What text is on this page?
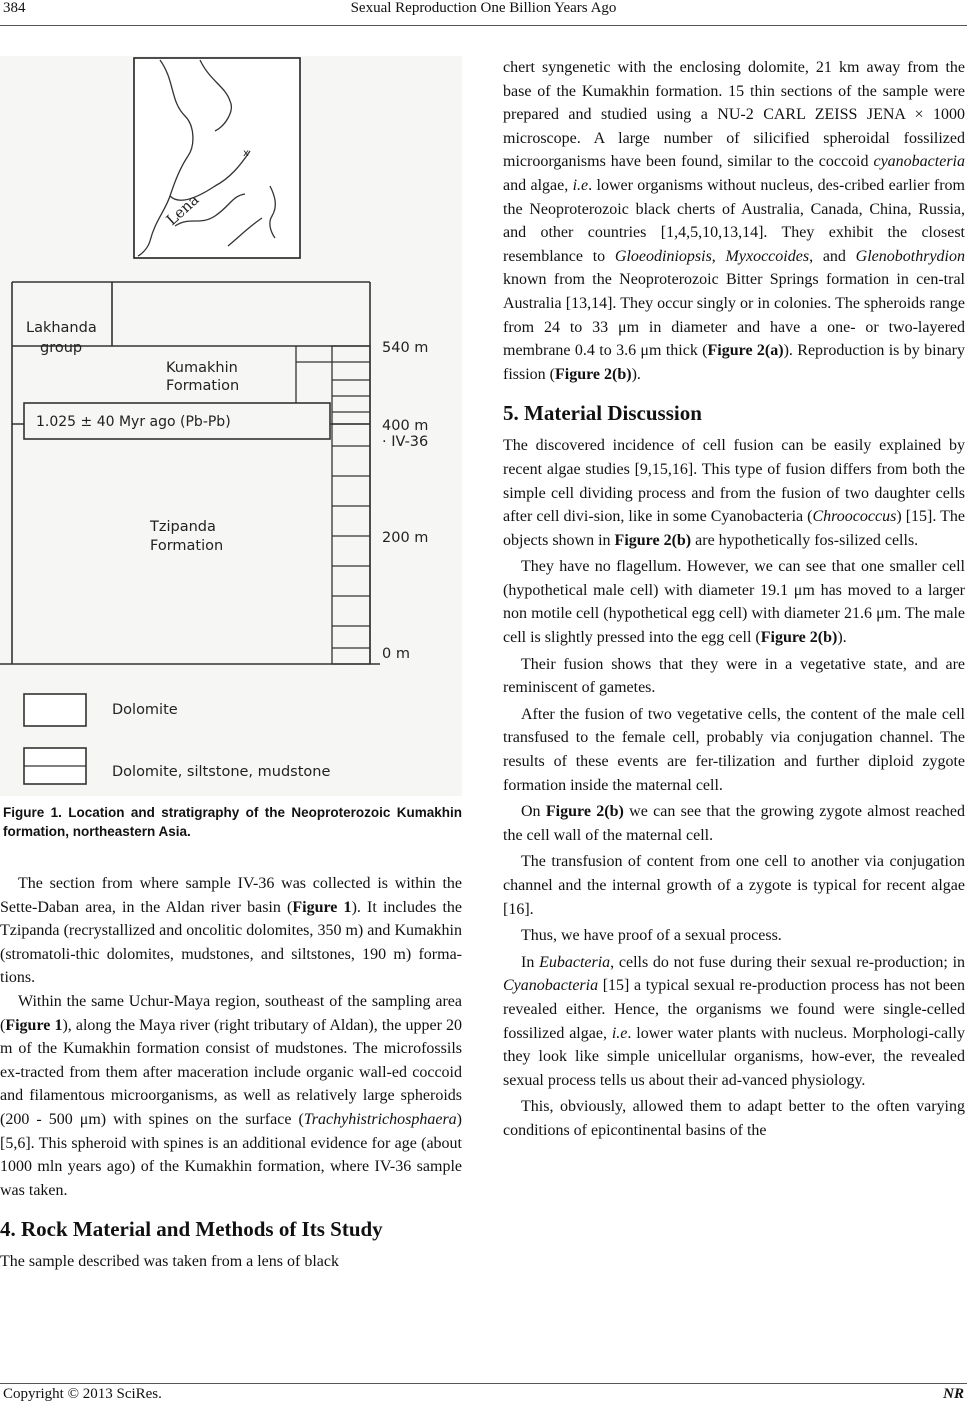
384	Sexual Reproduction One Billion Years Ago
Lena
x
1.025 ± 40 Myr ago (Pb-Pb)
Lakhanda
group
Kumakhin
Formation
Tzipanda
Formation
540 m
400 m
· IV-36
200 m
0 m
Dolomite
Dolomite, siltstone, mudstone
Figure 1. Location and stratigraphy of the Neoproterozoic Kumakhin formation, northeastern Asia.

The section from where sample IV-36 was collected is within the Sette-Daban area, in the Aldan river basin (Figure 1). It includes the Tzipanda (recrystallized and oncolitic dolomites, 350 m) and Kumakhin (stromatoli-thic dolomites, mudstones, and siltstones, 190 m) forma-tions.

Within the same Uchur-Maya region, southeast of the sampling area (Figure 1), along the Maya river (right tributary of Aldan), the upper 20 m of the Kumakhin formation consist of mudstones. The microfossils ex-tracted from them after maceration include organic wall-ed coccoid and filamentous microorganisms, as well as relatively large spheroids (200 - 500 μm) with spines on the surface (Trachyhistrichosphaera) [5,6]. This spheroid with spines is an additional evidence for age (about 1000 mln years ago) of the Kumakhin formation, where IV-36 sample was taken.

4. Rock Material and Methods of Its Study

The sample described was taken from a lens of black

chert syngenetic with the enclosing dolomite, 21 km away from the base of the Kumakhin formation. 15 thin sections of the sample were prepared and studied using a NU-2 CARL ZEISS JENA × 1000 microscope. A large number of silicified spheroidal fossilized microorganisms have been found, similar to the coccoid cyanobacteria and algae, i.e. lower organisms without nucleus, des-cribed earlier from the Neoproterozoic black cherts of Australia, Canada, China, Russia, and other countries [1,4,5,10,13,14]. They exhibit the closest resemblance to Gloeodiniopsis, Myxoccoides, and Glenobothrydion known from the Neoproterozoic Bitter Springs formation in cen-tral Australia [13,14]. They occur singly or in colonies. The spheroids range from 24 to 33 μm in diameter and have a one- or two-layered membrane 0.4 to 3.6 μm thick (Figure 2(a)). Reproduction is by binary fission (Figure 2(b)).

5. Material Discussion

The discovered incidence of cell fusion can be easily explained by recent algae studies [9,15,16]. This type of fusion differs from both the simple cell dividing process and from the fusion of two daughter cells after cell divi-sion, like in some Cyanobacteria (Chroococcus) [15]. The objects shown in Figure 2(b) are hypothetically fos-silized cells.

They have no flagellum. However, we can see that one smaller cell (hypothetical male cell) with diameter 19.1 μm has moved to a larger non motile cell (hypothetical egg cell) with diameter 21.6 μm. The male cell is slightly pressed into the egg cell (Figure 2(b)).

Their fusion shows that they were in a vegetative state, and are reminiscent of gametes.

After the fusion of two vegetative cells, the content of the male cell transfused to the female cell, probably via conjugation channel. The results of these events are fer-tilization and further diploid zygote formation inside the maternal cell.

On Figure 2(b) we can see that the growing zygote almost reached the cell wall of the maternal cell.

The transfusion of content from one cell to another via conjugation channel and the internal growth of a zygote is typical for recent algae [16].

Thus, we have proof of a sexual process.

In Eubacteria, cells do not fuse during their sexual re-production; in Cyanobacteria [15] a typical sexual re-production process has not been revealed either. Hence, the organisms we found were single-celled fossilized algae, i.e. lower water plants with nucleus. Morphologi-cally they look like simple unicellular organisms, how-ever, the revealed sexual process tells us about their ad-vanced physiology.

This, obviously, allowed them to adapt better to the often varying conditions of epicontinental basins of the

Copyright © 2013 SciRes.	NR
